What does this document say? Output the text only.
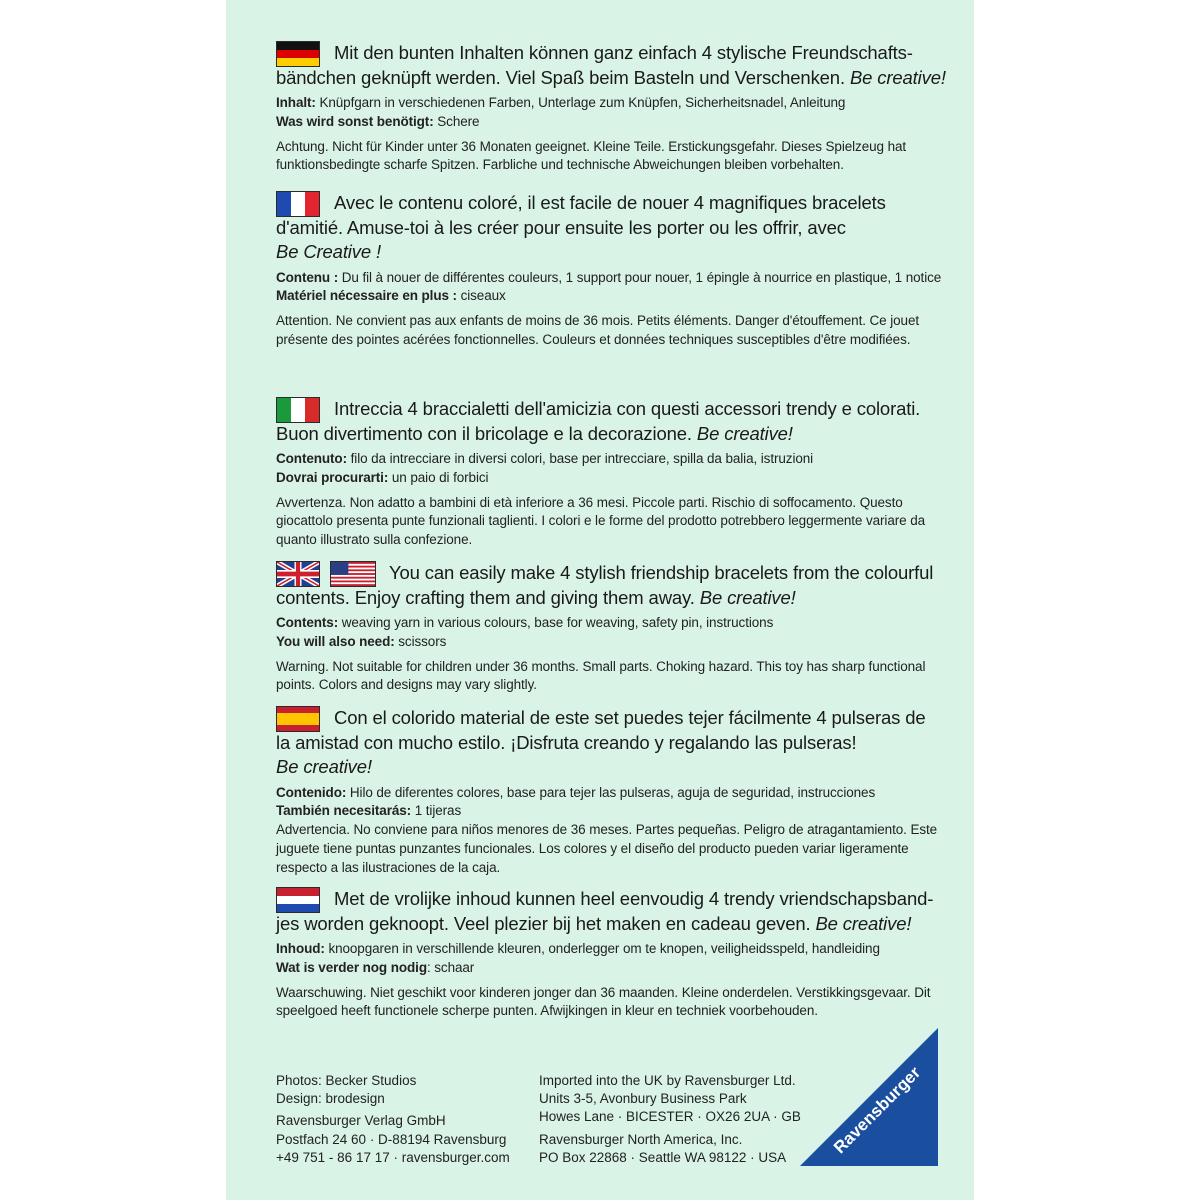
Mit den bunten Inhalten können ganz einfach 4 stylische Freundschafts-
bändchen geknüpft werden. Viel Spaß beim Basteln und Verschenken. Be creative!

Inhalt: Knüpfgarn in verschiedenen Farben, Unterlage zum Knüpfen, Sicherheitsnadel, Anleitung

Was wird sonst benötigt: Schere

Achtung. Nicht für Kinder unter 36 Monaten geeignet. Kleine Teile. Erstickungsgefahr. Dieses Spielzeug hat funktionsbedingte scharfe Spitzen. Farbliche und technische Abweichungen bleiben vorbehalten.

Avec le contenu coloré, il est facile de nouer 4 magnifiques bracelets
d'amitié. Amuse-toi à les créer pour ensuite les porter ou les offrir, avec
Be Creative !

Contenu : Du fil à nouer de différentes couleurs, 1 support pour nouer, 1 épingle à nourrice en plastique, 1 notice

Matériel nécessaire en plus : ciseaux

Attention. Ne convient pas aux enfants de moins de 36 mois. Petits éléments. Danger d'étouffement. Ce jouet présente des pointes acérées fonctionnelles. Couleurs et données techniques susceptibles d'être modifiées.

Intreccia 4 braccialetti dell'amicizia con questi accessori trendy e colorati.
Buon divertimento con il bricolage e la decorazione. Be creative!

Contenuto: filo da intrecciare in diversi colori, base per intrecciare, spilla da balia, istruzioni

Dovrai procurarti: un paio di forbici

Avvertenza. Non adatto a bambini di età inferiore a 36 mesi. Piccole parti. Rischio di soffocamento. Questo giocattolo presenta punte funzionali taglienti. I colori e le forme del prodotto potrebbero leggermente variare da quanto illustrato sulla confezione.

You can easily make 4 stylish friendship bracelets from the colourful
contents. Enjoy crafting them and giving them away. Be creative!

Contents: weaving yarn in various colours, base for weaving, safety pin, instructions

You will also need: scissors

Warning. Not suitable for children under 36 months. Small parts. Choking hazard. This toy has sharp functional points. Colors and designs may vary slightly.

Con el colorido material de este set puedes tejer fácilmente 4 pulseras de
la amistad con mucho estilo. ¡Disfruta creando y regalando las pulseras!
Be creative!

Contenido: Hilo de diferentes colores, base para tejer las pulseras, aguja de seguridad, instrucciones

También necesitarás: 1 tijeras

Advertencia. No conviene para niños menores de 36 meses. Partes pequeñas. Peligro de atragantamiento. Este juguete tiene puntas punzantes funcionales. Los colores y el diseño del producto pueden variar ligeramente respecto a las ilustraciones de la caja.

Met de vrolijke inhoud kunnen heel eenvoudig 4 trendy vriendschapsband-
jes worden geknoopt. Veel plezier bij het maken en cadeau geven. Be creative!

Inhoud: knoopgaren in verschillende kleuren, onderlegger om te knopen, veiligheidsspeld, handleiding

Wat is verder nog nodig: schaar

Waarschuwing. Niet geschikt voor kinderen jonger dan 36 maanden. Kleine onderdelen. Verstikkingsgevaar. Dit speelgoed heeft functionele scherpe punten. Afwijkingen in kleur en techniek voorbehouden.

Photos: Becker Studios
Design: brodesign
Ravensburger Verlag GmbH
Postfach 24 60 · D-88194 Ravensburg
+49 751 - 86 17 17 · ravensburger.com
Imported into the UK by Ravensburger Ltd.
Units 3-5, Avonbury Business Park
Howes Lane · BICESTER · OX26 2UA · GB
Ravensburger North America, Inc.
PO Box 22868 · Seattle WA 98122 · USA
Ravensburger
